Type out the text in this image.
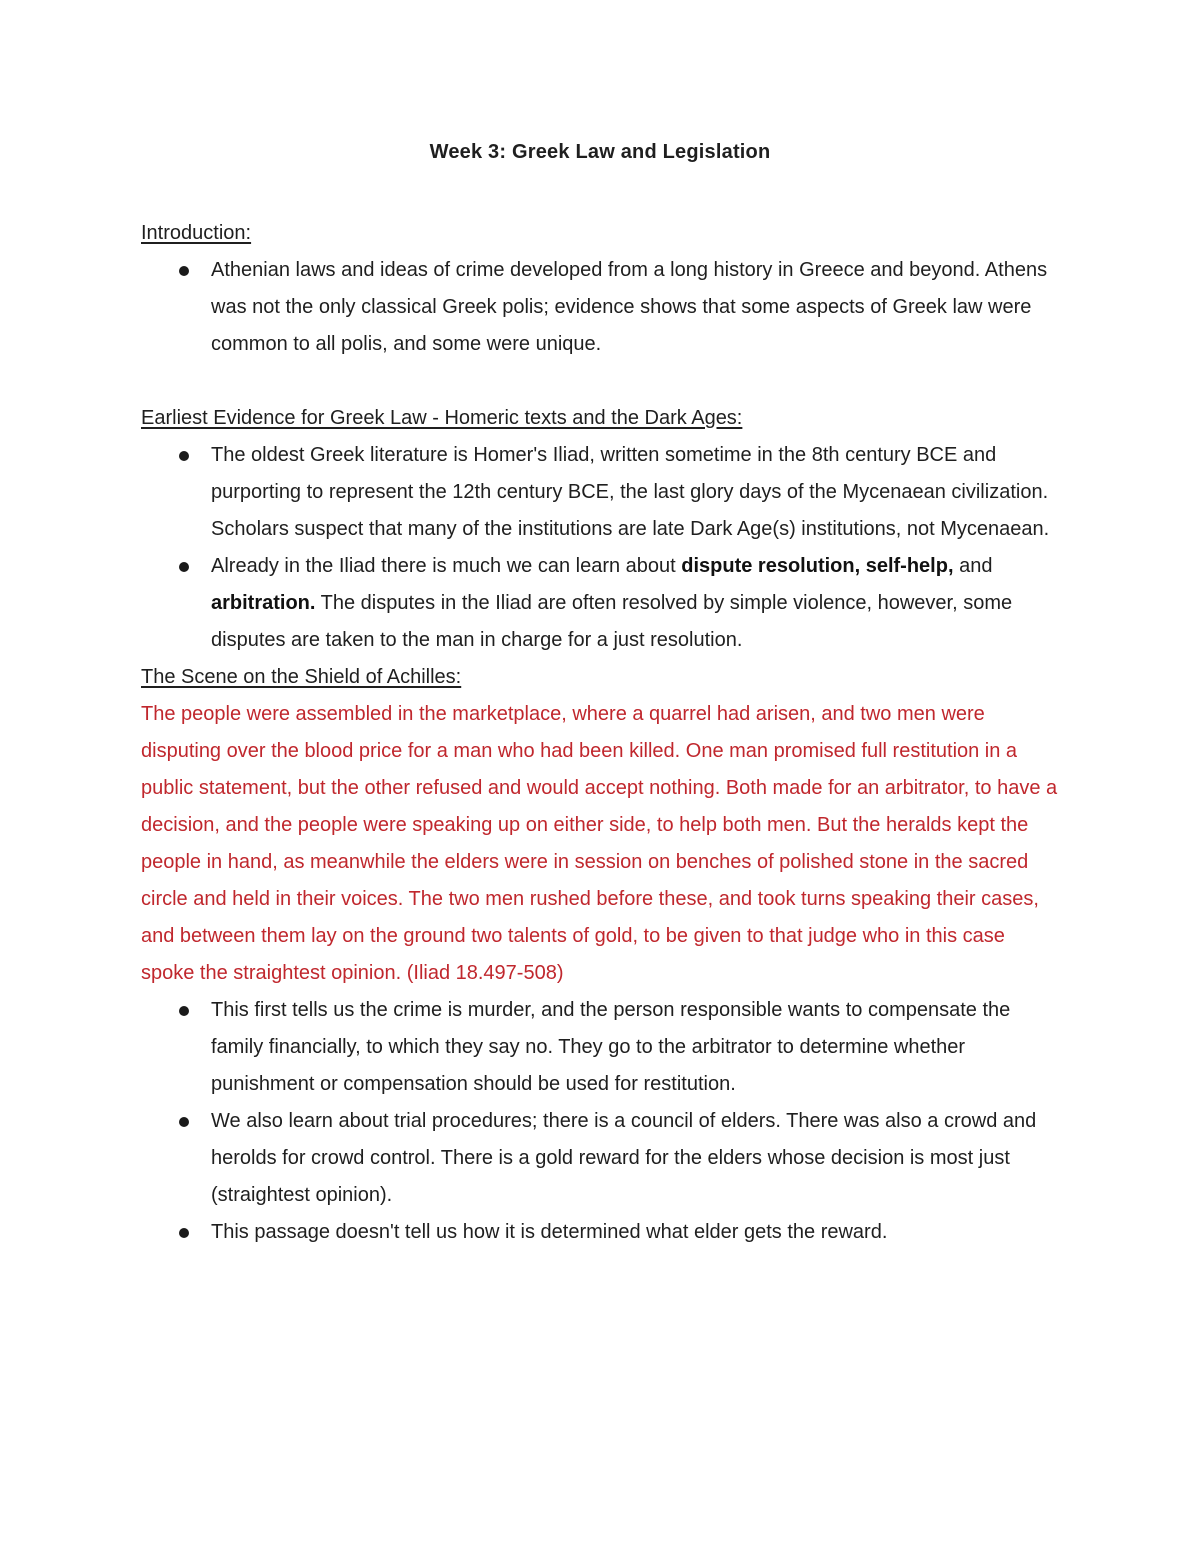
Week 3: Greek Law and Legislation
Introduction:
Athenian laws and ideas of crime developed from a long history in Greece and beyond. Athens was not the only classical Greek polis; evidence shows that some aspects of Greek law were common to all polis, and some were unique.
Earliest Evidence for Greek Law - Homeric texts and the Dark Ages:
The oldest Greek literature is Homer's Iliad, written sometime in the 8th century BCE and purporting to represent the 12th century BCE, the last glory days of the Mycenaean civilization. Scholars suspect that many of the institutions are late Dark Age(s) institutions, not Mycenaean.
Already in the Iliad there is much we can learn about dispute resolution, self-help, and arbitration. The disputes in the Iliad are often resolved by simple violence, however, some disputes are taken to the man in charge for a just resolution.
The Scene on the Shield of Achilles:
The people were assembled in the marketplace, where a quarrel had arisen, and two men were disputing over the blood price for a man who had been killed. One man promised full restitution in a public statement, but the other refused and would accept nothing. Both made for an arbitrator, to have a decision, and the people were speaking up on either side, to help both men. But the heralds kept the people in hand, as meanwhile the elders were in session on benches of polished stone in the sacred circle and held in their voices. The two men rushed before these, and took turns speaking their cases, and between them lay on the ground two talents of gold, to be given to that judge who in this case spoke the straightest opinion. (Iliad 18.497-508)
This first tells us the crime is murder, and the person responsible wants to compensate the family financially, to which they say no. They go to the arbitrator to determine whether punishment or compensation should be used for restitution.
We also learn about trial procedures; there is a council of elders. There was also a crowd and herolds for crowd control. There is a gold reward for the elders whose decision is most just (straightest opinion).
This passage doesn't tell us how it is determined what elder gets the reward.
